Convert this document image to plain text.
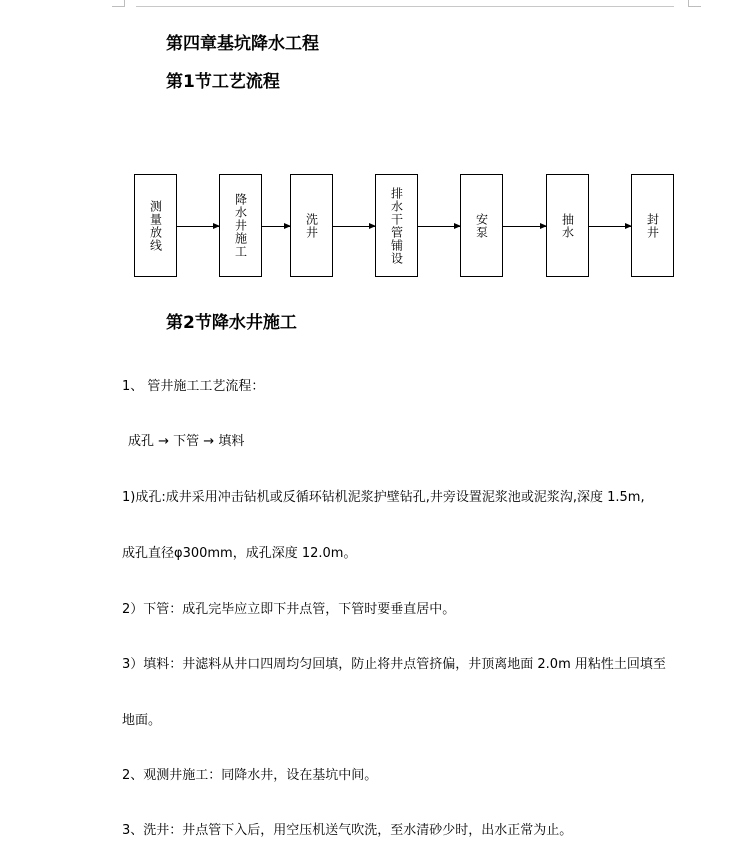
第四章基坑降水工程
第1节工艺流程
测量放线	降水井施工	洗井	排水干管铺设	安泵	抽水	封井
第2节降水井施工
1、 管井施工工艺流程：
成孔 → 下管 → 填料
1)成孔:成井采用冲击钻机或反循环钻机泥浆护壁钻孔,井旁设置泥浆池或泥浆沟,深度 1.5m,
成孔直径φ300mm，成孔深度 12.0m。
2）下管：成孔完毕应立即下井点管，下管时要垂直居中。
3）填料：井滤料从井口四周均匀回填，防止将井点管挤偏，井顶离地面 2.0m 用粘性土回填至
地面。
2、观测井施工：同降水井，设在基坑中间。
3、洗井：井点管下入后，用空压机送气吹洗，至水清砂少时，出水正常为止。
